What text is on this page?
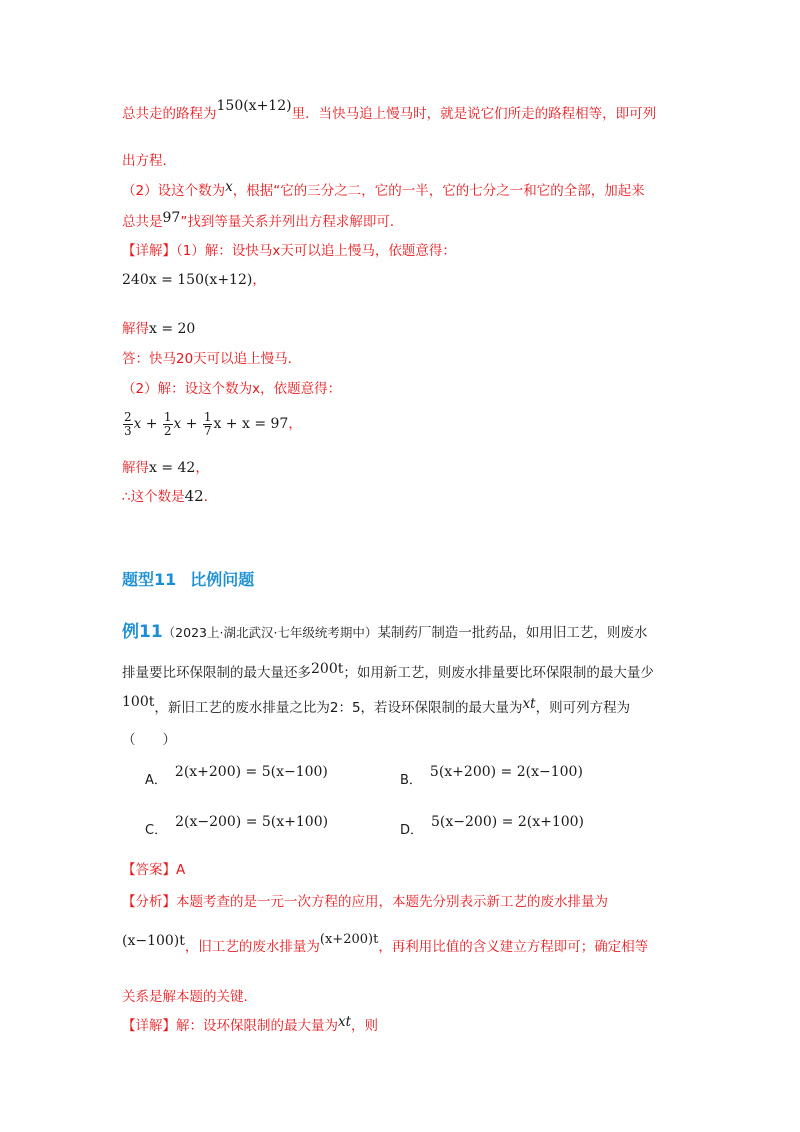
总共走的路程为150(x+12)里．当快马追上慢马时，就是说它们所走的路程相等，即可列
出方程．
（2）设这个数为x，根据“它的三分之二，它的一半，它的七分之一和它的全部，加起来
总共是97”找到等量关系并列出方程求解即可．
【详解】（1）解：设快马x天可以追上慢马，依题意得：
240x = 150(x+12)，
解得x = 20
答：快马20天可以追上慢马．
（2）解：设这个数为x，依题意得：
$\frac{2}{3}$ $x + \frac{1}{2}$ $x + \frac{1}{7}$ x + x = 97，
解得x = 42，
∴这个数是42．
题型11 比例问题
例11（2023上·湖北武汉·七年级统考期中）某制药厂制造一批药品，如用旧工艺，则废水
排量要比环保限制的最大量还多200t；如用新工艺，则废水排量要比环保限制的最大量少
100t，新旧工艺的废水排量之比为2：5，若设环保限制的最大量为xt，则可列方程为
（　　）
A．2(x+200) = 5(x−100)
B．5(x+200) = 2(x−100)
C．2(x−200) = 5(x+100)
D．5(x−200) = 2(x+100)
【答案】A
【分析】本题考查的是一元一次方程的应用，本题先分别表示新工艺的废水排量为
(x−100)t，旧工艺的废水排量为(x+200)t，再利用比值的含义建立方程即可；确定相等
关系是解本题的关键．
【详解】解：设环保限制的最大量为xt，则
